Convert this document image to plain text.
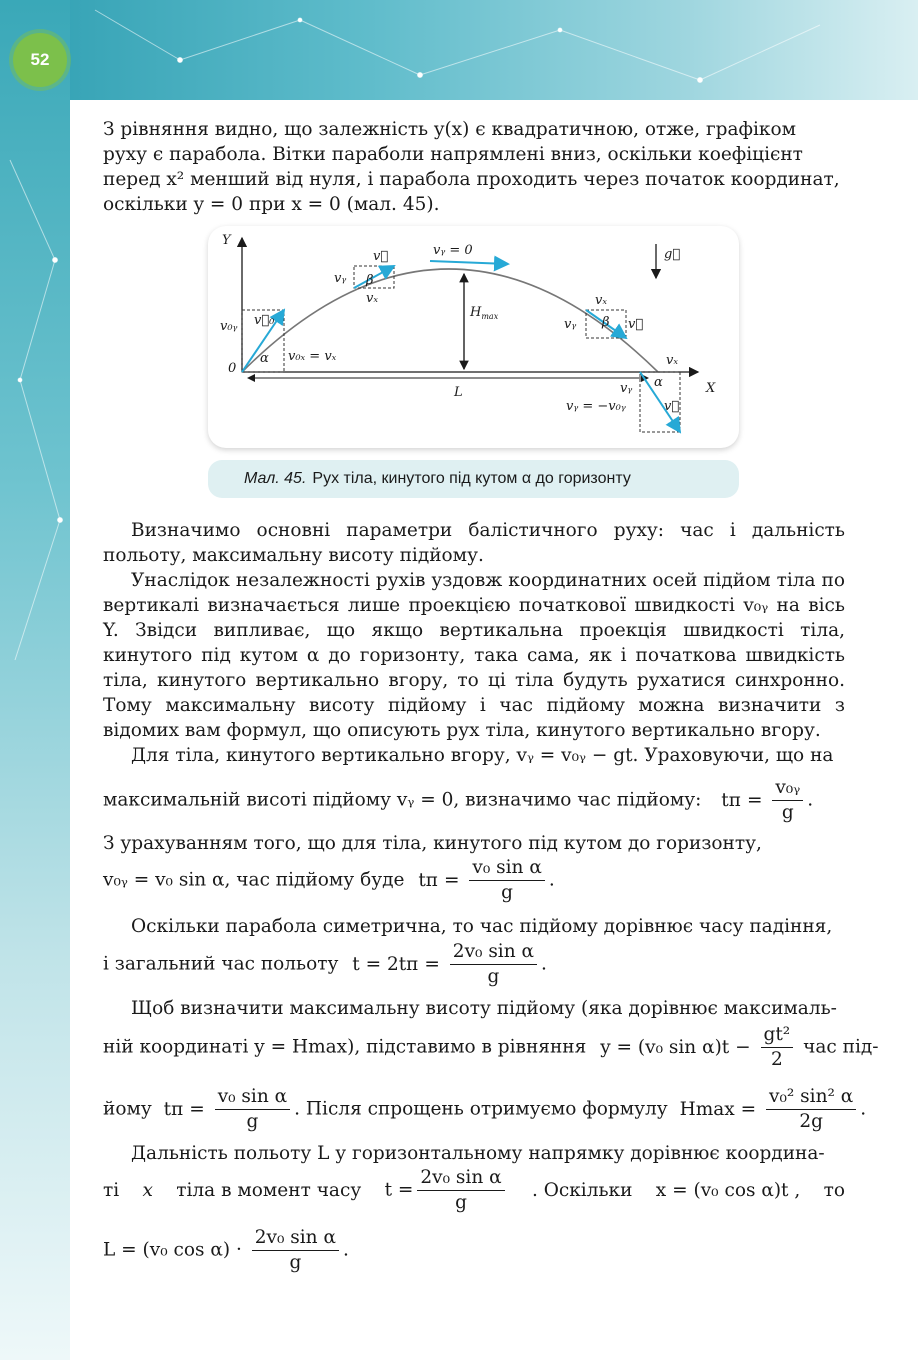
52

З рівняння видно, що залежність y(x) є квадратичною, отже, графіком

руху є парабола. Вітки параболи напрямлені вниз, оскільки коефіцієнт

перед x² менший від нуля, і парабола проходить через початок координат,

оскільки y = 0 при x = 0 (мал. 45).

Y
X
0
g⃗
v⃗₀
v₀ᵧ
α v₀ₓ = vₓ
v⃗
vᵧ β
vₓ
vᵧ = 0
$H_{max}$
L
vₓ
vᵧ β v⃗
vₓ
vᵧ α
v⃗
vᵧ = −v₀ᵧ
Мал. 45. Рух тіла, кинутого під кутом α до горизонту

Визначимо основні параметри балістичного руху: час і дальність польоту, максимальну висоту підйому.

Унаслідок незалежності рухів уздовж координатних осей підйом тіла по вертикалі визначається лише проекцією початкової швидкості v₀ᵧ на вісь Y. Звідси випливає, що якщо вертикальна проекція швидкості тіла, кинутого під кутом α до горизонту, така сама, як і початкова швидкість тіла, кинутого вертикально вгору, то ці тіла будуть рухатися синхронно. Тому максимальну висоту підйому і час підйому можна визначити з відомих вам формул, що описують рух тіла, кинутого вертикально вгору.

Для тіла, кинутого вертикально вгору, vᵧ = v₀ᵧ − gt. Ураховуючи, що на

максимальній висоті підйому vᵧ = 0, визначимо час підйому: tп = $\frac{\text{v₀ᵧ}}{g}$ .

З урахуванням того, що для тіла, кинутого під кутом до горизонту,

v₀ᵧ = v₀ sin α, час підйому буде tп = $\frac{\text{v₀ sin α}}{g}$ .

Оскільки парабола симетрична, то час підйому дорівнює часу падіння,

і загальний час польоту $t = 2tп = \frac{\text{2v₀ sin α}}{g}$ .

Щоб визначити максимальну висоту підйому (яка дорівнює максималь-

ній координаті y = Hmax), підставимо в рівняння y = (v₀ $\sin \alpha)t - \frac{\text{gt²}}{2}$ час під-
йому tп = $\frac{\text{v₀ sin α}}{g}$ . Після спрощень отримуємо формулу $Hmax = \frac{\text{v₀² sin² α}}{2g}$ .

Дальність польоту L у горизонтальному напрямку дорівнює координа-

ті x тіла в момент часу $t = \frac{\text{2v₀ sin α}}{g}$ . Оскільки x = (v₀ cos α)t , то
L = (v₀ $\cos \alpha) \cdot \frac{\text{2v₀ sin α}}{g}$ .
